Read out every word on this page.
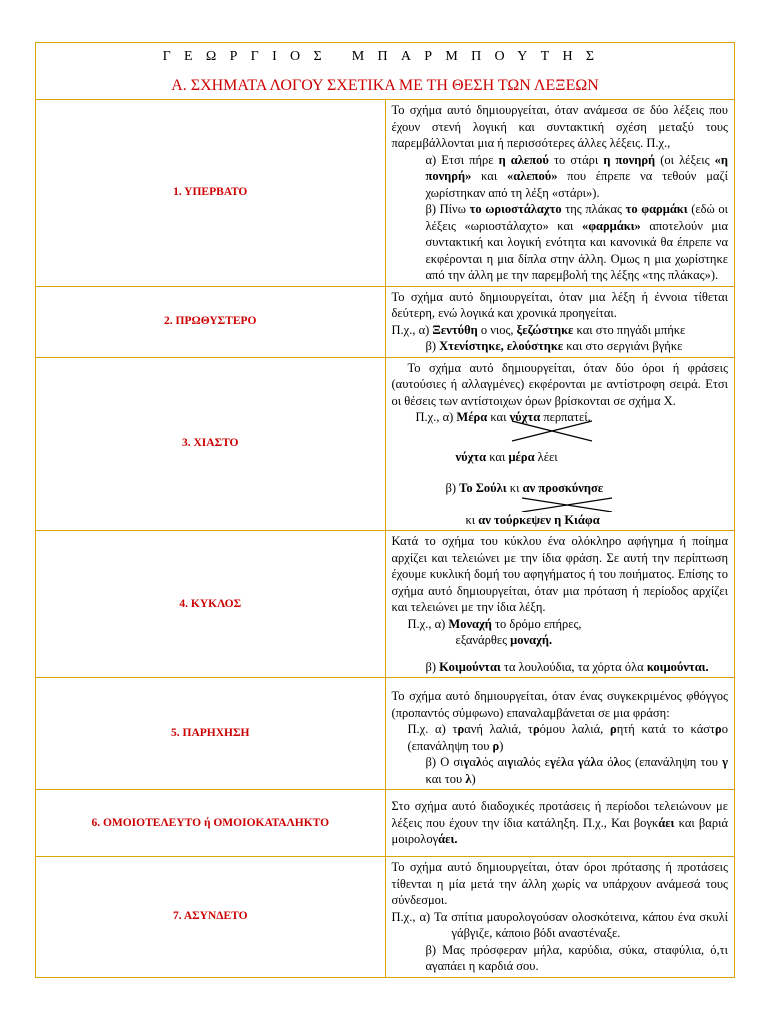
ΓΕΩΡΓΙΟΣ ΜΠΑΡΜΠΟΥΤΗΣ
Α. ΣΧΗΜΑΤΑ ΛΟΓΟΥ ΣΧΕΤΙΚΑ ΜΕ ΤΗ ΘΕΣΗ ΤΩΝ ΛΕΞΕΩΝ	

1. ΥΠΕΡΒΑΤΟ	Το σχήμα αυτό δημιουργείται, όταν ανάμεσα σε δύο λέξεις που έχουν στενή λογική και συντακτική σχέση μεταξύ τους παρεμβάλλονται μια ή περισσότερες άλλες λέξεις. Π.χ.,
α) Ετσι πήρε η αλεπού το στάρι η πονηρή (οι λέξεις «η πονηρή» και «αλεπού» που έπρεπε να τεθούν μαζί χωρίστηκαν από τη λέξη «στάρι»).
β) Πίνω το ωριοστάλαχτο της πλάκας το φαρμάκι (εδώ οι λέξεις «ωριοστάλαχτο» και «φαρμάκι» αποτελούν μια συντακτική και λογική ενότητα και κανονικά θα έπρεπε να εκφέρονται η μια δίπλα στην άλλη. Ομως η μια χωρίστηκε από την άλλη με την παρεμβολή της λέξης «της πλάκας»).

2. ΠΡΩΘΥΣΤΕΡΟ	Το σχήμα αυτό δημιουργείται, όταν μια λέξη ή έννοια τίθεται δεύτερη, ενώ λογικά και χρονικά προηγείται.
Π.χ., α) Ξεντύθη ο νιος, ξεζώστηκε και στο πηγάδι μπήκε
β) Χτενίστηκε, ελούστηκε και στο σεργιάνι βγήκε

3. ΧΙΑΣΤΟ	Το σχήμα αυτό δημιουργείται, όταν δύο όροι ή φράσεις (αυτούσιες ή αλλαγμένες) εκφέρονται με αντίστροφη σειρά. Ετσι οι θέσεις των αντίστοιχων όρων βρίσκονται σε σχήμα Χ.
Π.χ., α) Μέρα και νύχτα περπατεί,
νύχτα και μέρα λέει
β) Το Σούλι κι αν προσκύνησε
κι αν τούρκεψεν η Κιάφα

4. ΚΥΚΛΟΣ	Κατά το σχήμα του κύκλου ένα ολόκληρο αφήγημα ή ποίημα αρχίζει και τελειώνει με την ίδια φράση. Σε αυτή την περίπτωση έχουμε κυκλική δομή του αφηγήματος ή του ποιήματος. Επίσης το σχήμα αυτό δημιουργείται, όταν μια πρόταση ή περίοδος αρχίζει και τελειώνει με την ίδια λέξη.
Π.χ., α) Μοναχή το δρόμο επήρες,
εξανάρθες μοναχή.
β) Κοιμούνται τα λουλούδια, τα χόρτα όλα κοιμούνται.

5. ΠΑΡΗΧΗΣΗ	Το σχήμα αυτό δημιουργείται, όταν ένας συγκεκριμένος φθόγγος (προπαντός σύμφωνο) επαναλαμβάνεται σε μια φράση:
Π.χ. α) τρανή λαλιά, τρόμου λαλιά, ρητή κατά το κάστρο (επανάληψη του ρ)
β) Ο σιγαλός αιγιαλός εγέλα γάλα όλος (επανάληψη του γ και του λ)

6. ΟΜΟΙΟΤΕΛΕΥΤΟ ή ΟΜΟΙΟΚΑΤΑΛΗΚΤΟ	Στο σχήμα αυτό διαδοχικές προτάσεις ή περίοδοι τελειώνουν με λέξεις που έχουν την ίδια κατάληξη. Π.χ., Και βογκάει και βαριά μοιρολογάει.

7. ΑΣΥΝΔΕΤΟ	Το σχήμα αυτό δημιουργείται, όταν όροι πρότασης ή προτάσεις τίθενται η μία μετά την άλλη χωρίς να υπάρχουν ανάμεσά τους σύνδεσμοι.
Π.χ., α) Τα σπίτια μαυρολογούσαν ολοσκότεινα, κάπου ένα σκυλί γάβγιζε, κάποιο βόδι αναστέναξε.
β) Μας πρόσφεραν μήλα, καρύδια, σύκα, σταφύλια, ό,τι αγαπάει η καρδιά σου.
